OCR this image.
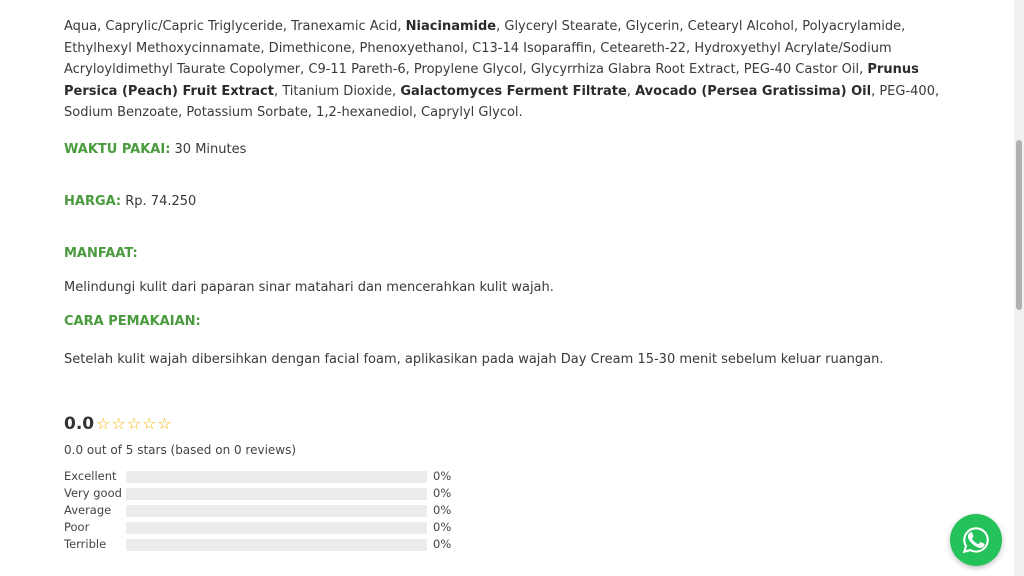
Aqua, Caprylic/Capric Triglyceride, Tranexamic Acid, Niacinamide, Glyceryl Stearate, Glycerin, Cetearyl Alcohol, Polyacrylamide, Ethylhexyl Methoxycinnamate, Dimethicone, Phenoxyethanol, C13-14 Isoparaffin, Ceteareth-22, Hydroxyethyl Acrylate/Sodium Acryloyldimethyl Taurate Copolymer, C9-11 Pareth-6, Propylene Glycol, Glycyrrhiza Glabra Root Extract, PEG-40 Castor Oil, Prunus Persica (Peach) Fruit Extract, Titanium Dioxide, Galactomyces Ferment Filtrate, Avocado (Persea Gratissima) Oil, PEG-400, Sodium Benzoate, Potassium Sorbate, 1,2-hexanediol, Caprylyl Glycol.

WAKTU PAKAI: 30 Minutes
HARGA: Rp. 74.250
MANFAAT:
Melindungi kulit dari paparan sinar matahari dan mencerahkan kulit wajah.
CARA PEMAKAIAN:
Setelah kulit wajah dibersihkan dengan facial foam, aplikasikan pada wajah Day Cream 15-30 menit sebelum keluar ruangan.
0.0 ☆ ☆ ☆ ☆ ☆
0.0 out of 5 stars (based on 0 reviews)
Excellent	0%
Very good	0%
Average	0%
Poor	0%
Terrible	0%
